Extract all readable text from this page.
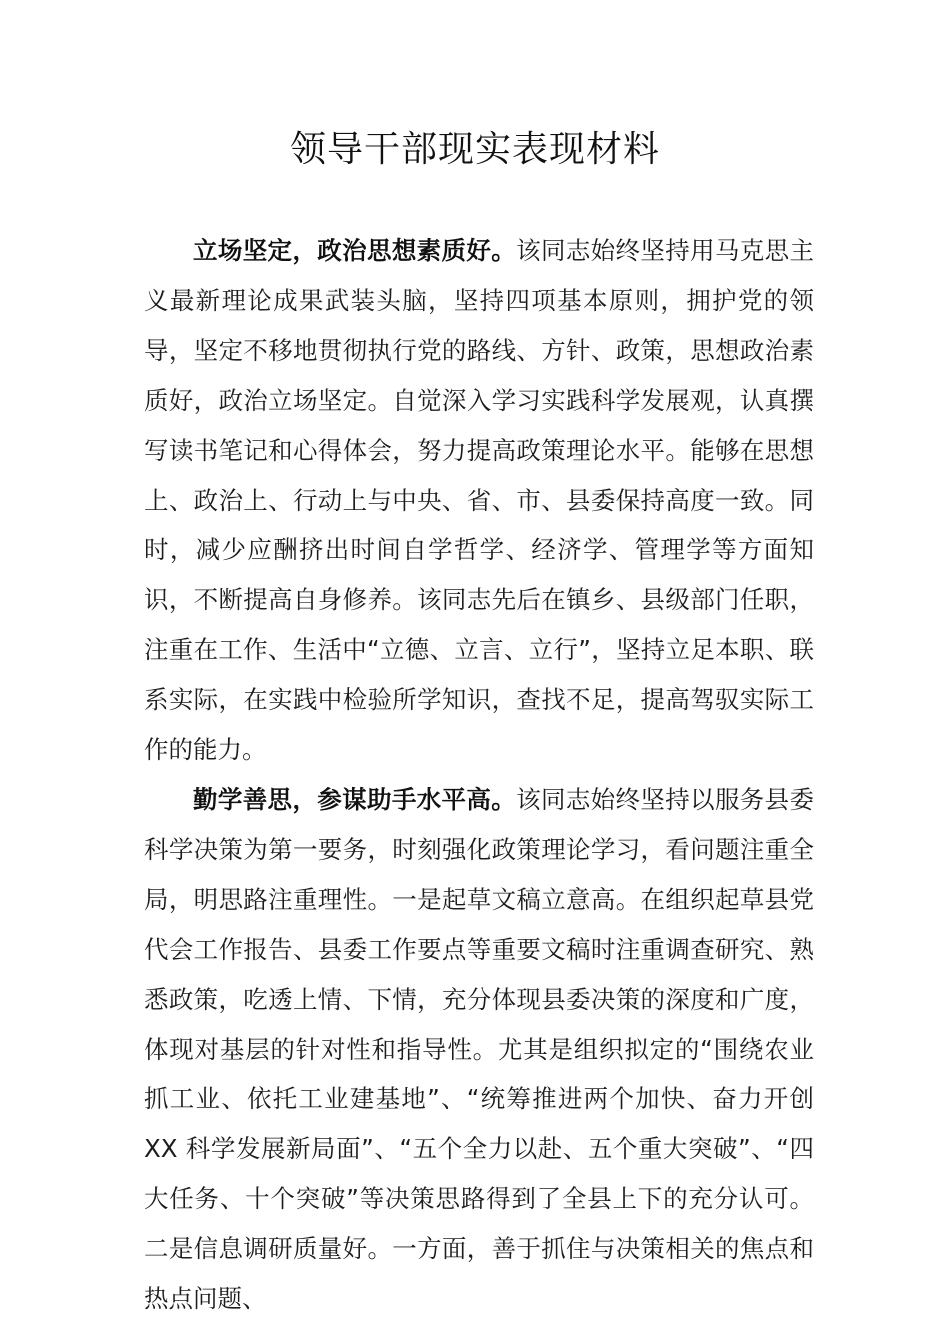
领导干部现实表现材料

立场坚定，政治思想素质好。该同志始终坚持用马克思主义最新理论成果武装头脑，坚持四项基本原则，拥护党的领导，坚定不移地贯彻执行党的路线、方针、政策，思想政治素质好，政治立场坚定。自觉深入学习实践科学发展观，认真撰写读书笔记和心得体会，努力提高政策理论水平。能够在思想上、政治上、行动上与中央、省、市、县委保持高度一致。同时，减少应酬挤出时间自学哲学、经济学、管理学等方面知识，不断提高自身修养。该同志先后在镇乡、县级部门任职，注重在工作、生活中“立德、立言、立行”，坚持立足本职、联系实际，在实践中检验所学知识，查找不足，提高驾驭实际工作的能力。

勤学善思，参谋助手水平高。该同志始终坚持以服务县委科学决策为第一要务，时刻强化政策理论学习，看问题注重全局，明思路注重理性。一是起草文稿立意高。在组织起草县党代会工作报告、县委工作要点等重要文稿时注重调查研究、熟悉政策，吃透上情、下情，充分体现县委决策的深度和广度，体现对基层的针对性和指导性。尤其是组织拟定的“围绕农业抓工业、依托工业建基地”、“统筹推进两个加快、奋力开创 XX 科学发展新局面”、“五个全力以赴、五个重大突破”、“四大任务、十个突破”等决策思路得到了全县上下的充分认可。二是信息调研质量好。一方面，善于抓住与决策相关的焦点和热点问题、
